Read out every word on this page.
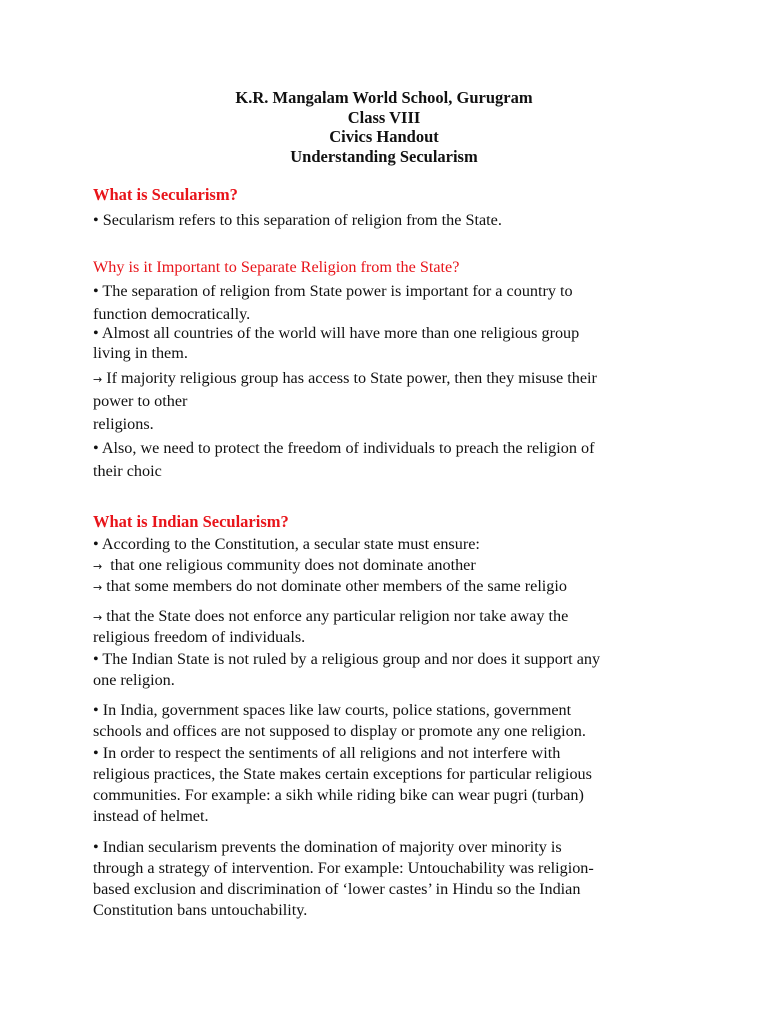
K.R. Mangalam World School, Gurugram
Class VIII
Civics Handout
Understanding Secularism
What is Secularism?
• Secularism refers to this separation of religion from the State.
Why is it Important to Separate Religion from the State?
• The separation of religion from State power is important for a country to
function democratically.
• Almost all countries of the world will have more than one religious group
living in them.
→ If majority religious group has access to State power, then they misuse their
power to other
religions.
• Also, we need to protect the freedom of individuals to preach the religion of
their choic
What is Indian Secularism?
• According to the Constitution, a secular state must ensure:
→ that one religious community does not dominate another
→ that some members do not dominate other members of the same religio
→ that the State does not enforce any particular religion nor take away the
religious freedom of individuals.
• The Indian State is not ruled by a religious group and nor does it support any
one religion.
• In India, government spaces like law courts, police stations, government
schools and offices are not supposed to display or promote any one religion.
• In order to respect the sentiments of all religions and not interfere with
religious practices, the State makes certain exceptions for particular religious
communities. For example: a sikh while riding bike can wear pugri (turban)
instead of helmet.
• Indian secularism prevents the domination of majority over minority is
through a strategy of intervention. For example: Untouchability was religion-
based exclusion and discrimination of ‘lower castes’ in Hindu so the Indian
Constitution bans untouchability.
